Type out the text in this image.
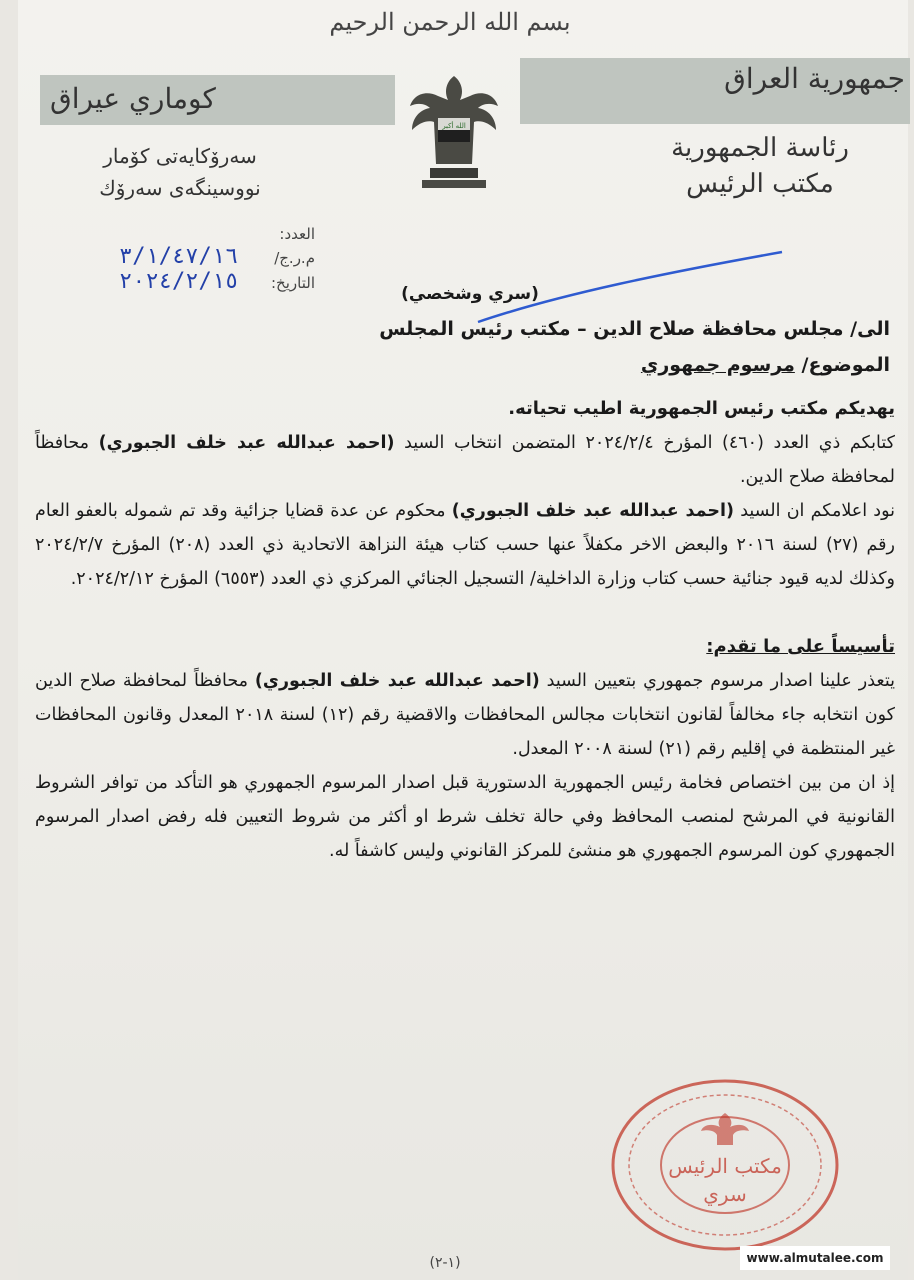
بسم الله الرحمن الرحيم
كوماري عيراق
جمهورية العراق
الله أكبر
رئاسة الجمهورية
مكتب الرئيس
سەرۆكايەتى كۆمار
نووسينگەى سەرۆك
العدد: م.ر.ج/ ٣/١/٤٧/١٦
التاريخ: ٢٠٢٤/٢/١٥	(سري وشخصي)
الى/ مجلس محافظة صلاح الدين – مكتب رئيس المجلس
الموضوع/ مرسوم جمهوري

يهديكم مكتب رئيس الجمهورية اطيب تحياته.

كتابكم ذي العدد (٤٦٠) المؤرخ ٢٠٢٤/٢/٤ المتضمن انتخاب السيد (احمد عبدالله عبد خلف الجبوري) محافظاً لمحافظة صلاح الدين.

نود اعلامكم ان السيد (احمد عبدالله عبد خلف الجبوري) محكوم عن عدة قضايا جزائية وقد تم شموله بالعفو العام رقم (٢٧) لسنة ٢٠١٦ والبعض الاخر مكفلاً عنها حسب كتاب هيئة النزاهة الاتحادية ذي العدد (٢٠٨) المؤرخ ٢٠٢٤/٢/٧ وكذلك لديه قيود جنائية حسب كتاب وزارة الداخلية/ التسجيل الجنائي المركزي ذي العدد (٦٥٥٣) المؤرخ ٢٠٢٤/٢/١٢.

تأسيساً على ما تقدم:

يتعذر علينا اصدار مرسوم جمهوري بتعيين السيد (احمد عبدالله عبد خلف الجبوري) محافظاً لمحافظة صلاح الدين كون انتخابه جاء مخالفاً لقانون انتخابات مجالس المحافظات والاقضية رقم (١٢) لسنة ٢٠١٨ المعدل وقانون المحافظات غير المنتظمة في إقليم رقم (٢١) لسنة ٢٠٠٨ المعدل.

إذ ان من بين اختصاص فخامة رئيس الجمهورية الدستورية قبل اصدار المرسوم الجمهوري هو التأكد من توافر الشروط القانونية في المرشح لمنصب المحافظ وفي حالة تخلف شرط او أكثر من شروط التعيين فله رفض اصدار المرسوم الجمهوري كون المرسوم الجمهوري هو منشئ للمركز القانوني وليس كاشفاً له.

مكتب الرئيس
سري
(١-٢)	www.almutalee.com
